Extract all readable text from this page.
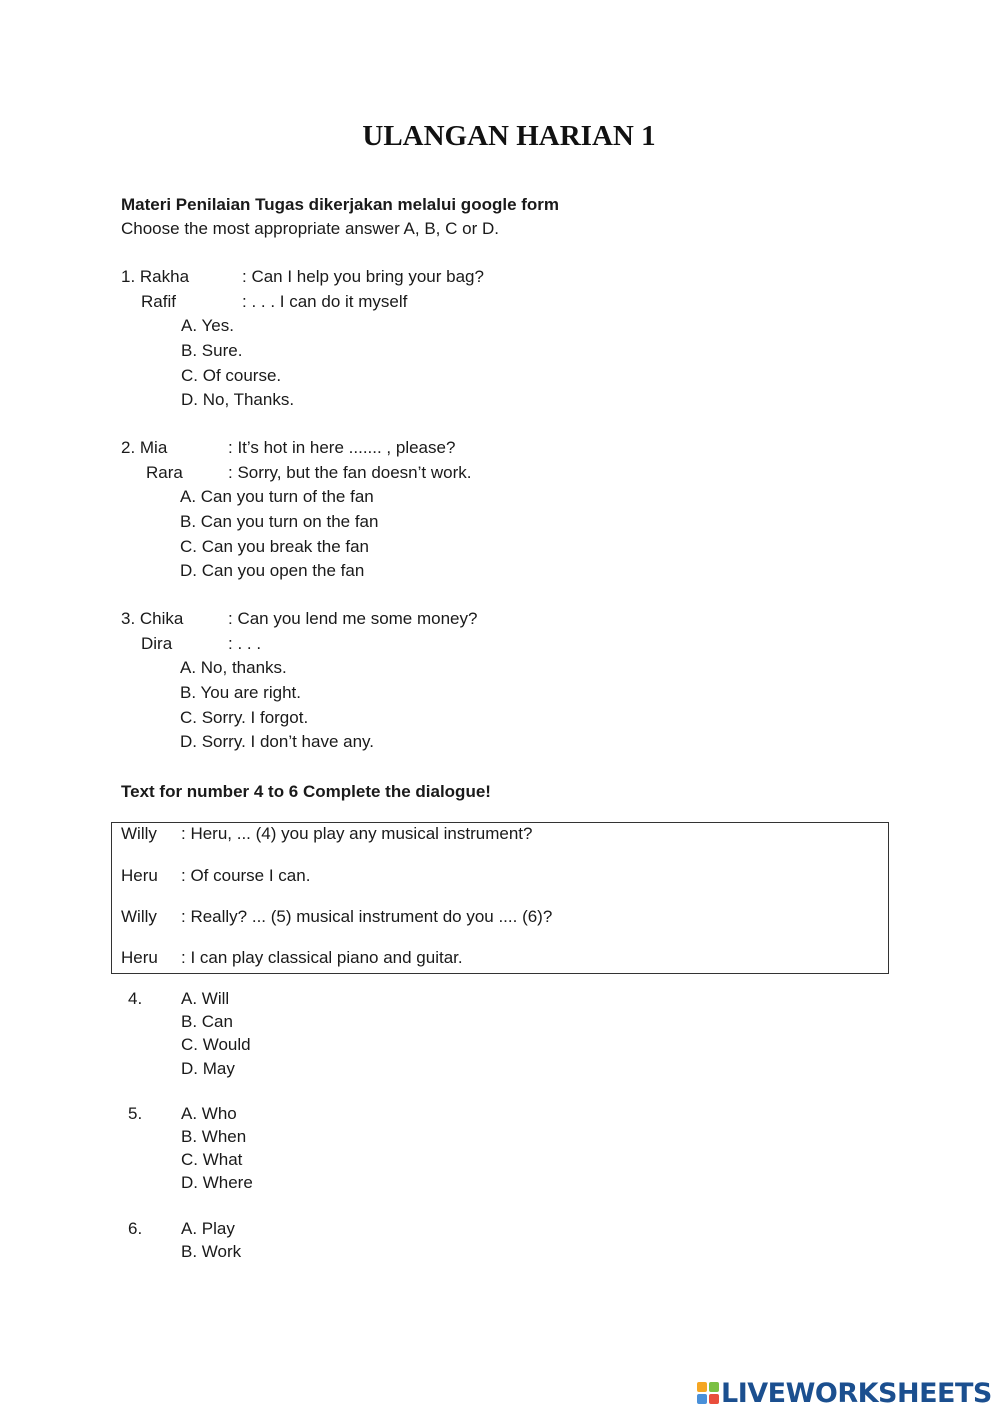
ULANGAN HARIAN 1
Materi Penilaian Tugas dikerjakan melalui google form
Choose the most appropriate answer A, B, C or D.
1. Rakha	: Can I help you bring your bag?
Rafif	: . . . I can do it myself
A. Yes.
B. Sure.
C. Of course.
D. No, Thanks.
2. Mia	: It’s hot in here ....... , please?
Rara	: Sorry, but the fan doesn’t work.
A. Can you turn of the fan
B. Can you turn on the fan
C. Can you break the fan
D. Can you open the fan
3. Chika	: Can you lend me some money?
Dira	: . . .
A. No, thanks.
B. You are right.
C. Sorry. I forgot.
D. Sorry. I don’t have any.
Text for number 4 to 6 Complete the dialogue!
Willy : Heru, ... (4) you play any musical instrument?
Heru : Of course I can.
Willy : Really? ... (5) musical instrument do you .... (6)?
Heru : I can play classical piano and guitar.
4. A. Will
B. Can
C. Would
D. May
5. A. Who
B. When
C. What
D. Where
6. A. Play
B. Work
LIVEWORKSHEETS
